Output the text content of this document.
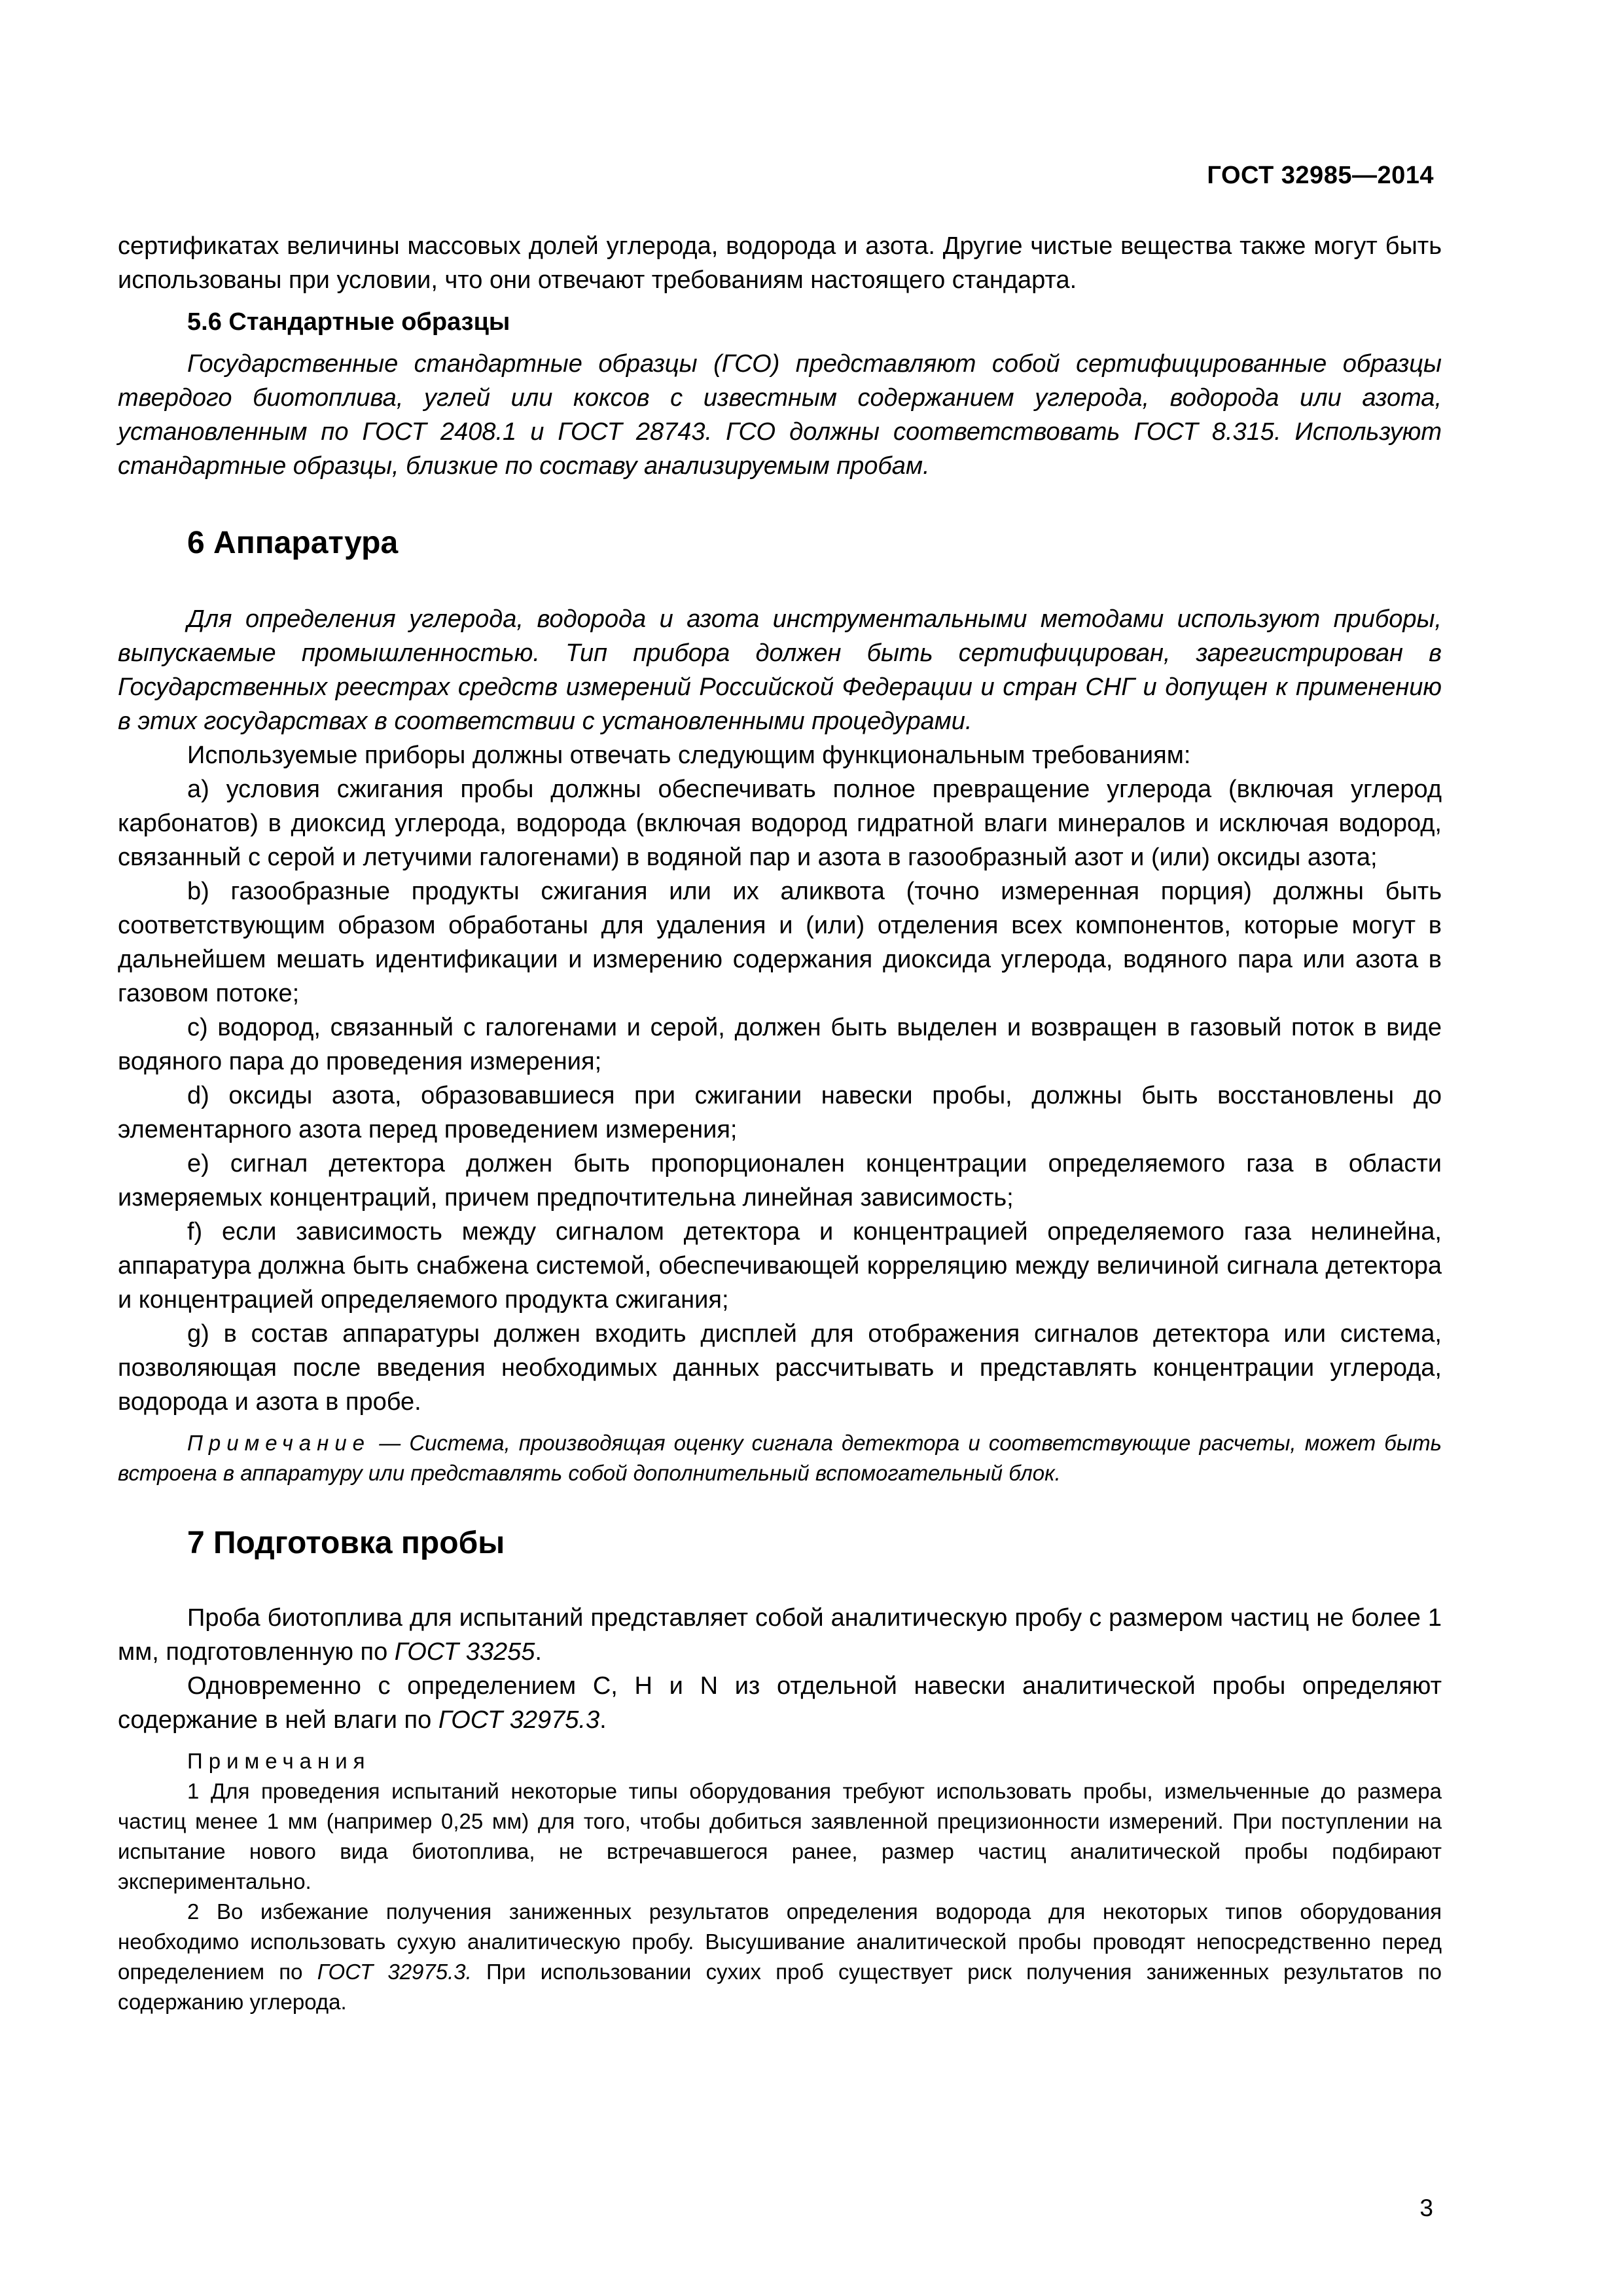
ГОСТ 32985—2014

сертификатах величины массовых долей углерода, водорода и азота. Другие чистые вещества также могут быть использованы при условии, что они отвечают требованиям настоящего стандарта.

5.6 Стандартные образцы

Государственные стандартные образцы (ГСО) представляют собой сертифицированные образцы твердого биотоплива, углей или коксов с известным содержанием углерода, водорода или азота, установленным по ГОСТ 2408.1 и ГОСТ 28743. ГСО должны соответствовать ГОСТ 8.315. Используют стандартные образцы, близкие по составу анализируемым пробам.

6 Аппаратура

Для определения углерода, водорода и азота инструментальными методами используют приборы, выпускаемые промышленностью. Тип прибора должен быть сертифицирован, зарегистрирован в Государственных реестрах средств измерений Российской Федерации и стран СНГ и допущен к применению в этих государствах в соответствии с установленными процедурами.

Используемые приборы должны отвечать следующим функциональным требованиям:

а) условия сжигания пробы должны обеспечивать полное превращение углерода (включая углерод карбонатов) в диоксид углерода, водорода (включая водород гидратной влаги минералов и исключая водород, связанный с серой и летучими галогенами) в водяной пар и азота в газообразный азот и (или) оксиды азота;

b) газообразные продукты сжигания или их аликвота (точно измеренная порция) должны быть соответствующим образом обработаны для удаления и (или) отделения всех компонентов, которые могут в дальнейшем мешать идентификации и измерению содержания диоксида углерода, водяного пара или азота в газовом потоке;

c) водород, связанный с галогенами и серой, должен быть выделен и возвращен в газовый поток в виде водяного пара до проведения измерения;

d) оксиды азота, образовавшиеся при сжигании навески пробы, должны быть восстановлены до элементарного азота перед проведением измерения;

е) сигнал детектора должен быть пропорционален концентрации определяемого газа в области измеряемых концентраций, причем предпочтительна линейная зависимость;

f) если зависимость между сигналом детектора и концентрацией определяемого газа нелинейна, аппаратура должна быть снабжена системой, обеспечивающей корреляцию между величиной сигнала детектора и концентрацией определяемого продукта сжигания;

g) в состав аппаратуры должен входить дисплей для отображения сигналов детектора или система, позволяющая после введения необходимых данных рассчитывать и представлять концентрации углерода, водорода и азота в пробе.

Примечание — Система, производящая оценку сигнала детектора и соответствующие расчеты, может быть встроена в аппаратуру или представлять собой дополнительный вспомогательный блок.

7 Подготовка пробы

Проба биотоплива для испытаний представляет собой аналитическую пробу с размером частиц не более 1 мм, подготовленную по ГОСТ 33255.

Одновременно с определением С, Н и N из отдельной навески аналитической пробы определяют содержание в ней влаги по ГОСТ 32975.3.

Примечания

1 Для проведения испытаний некоторые типы оборудования требуют использовать пробы, измельченные до размера частиц менее 1 мм (например 0,25 мм) для того, чтобы добиться заявленной прецизионности измерений. При поступлении на испытание нового вида биотоплива, не встречавшегося ранее, размер частиц аналитической пробы подбирают экспериментально.

2 Во избежание получения заниженных результатов определения водорода для некоторых типов оборудования необходимо использовать сухую аналитическую пробу. Высушивание аналитической пробы проводят непосредственно перед определением по ГОСТ 32975.3. При использовании сухих проб существует риск получения заниженных результатов по содержанию углерода.

3
